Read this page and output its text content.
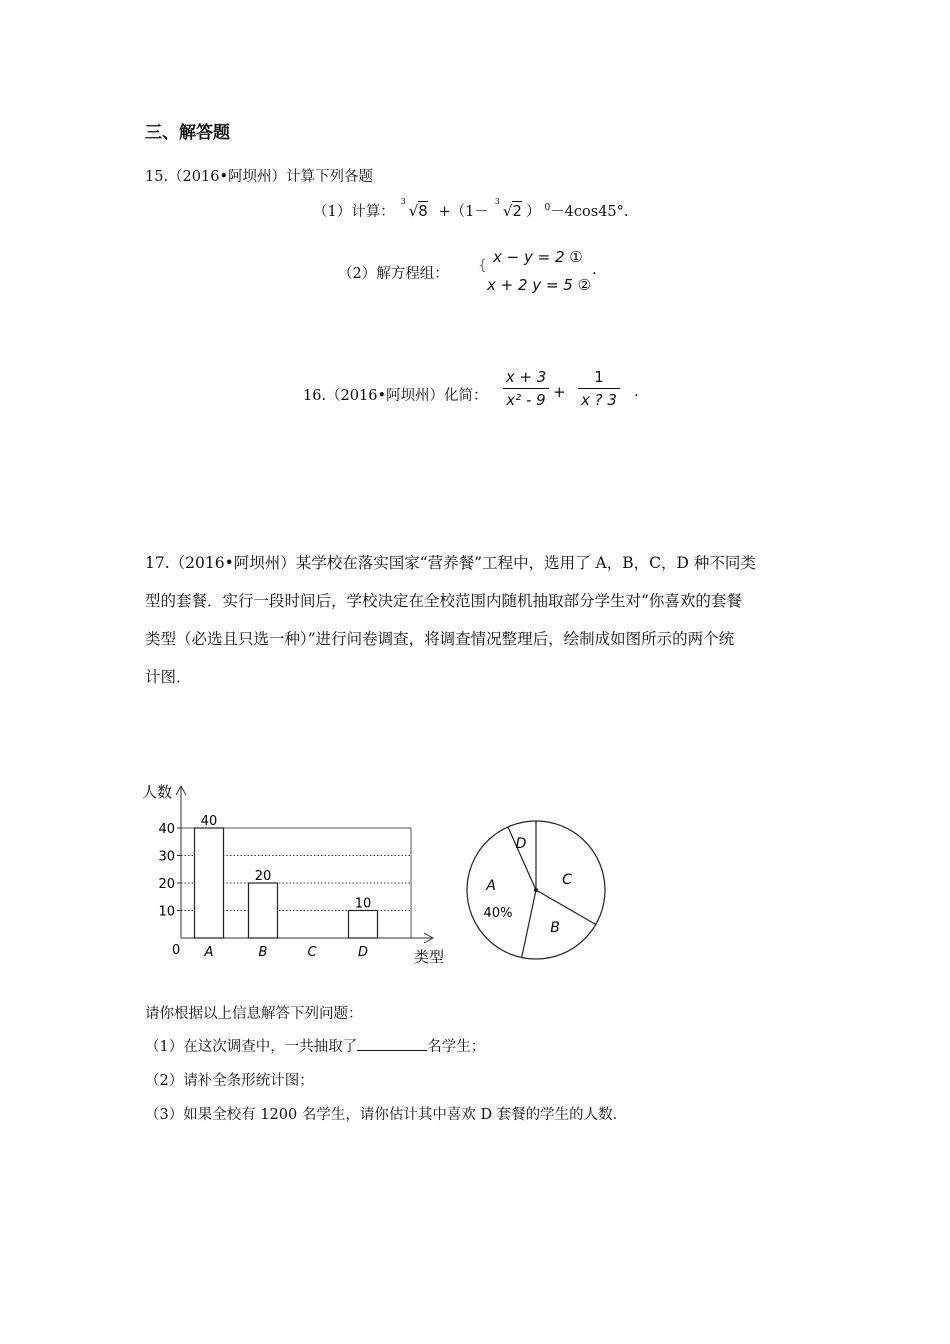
三、解答题
15.（2016•阿坝州）计算下列各题
（1）计算：
3
√8 +（1－
3
√2 ） $^0$－4cos45°.
（2）解方程组： { x − y = 2 ①
x + 2 y = 5 ②
.
16.（2016•阿坝州）化简： $\frac{x + 3}{\text{x² - 9}} + \frac{1}{x ? 3}$ .
17.（2016•阿坝州）某学校在落实国家“营养餐”工程中，选用了 A，B，C，D 种不同类
型的套餐．实行一段时间后，学校决定在全校范围内随机抽取部分学生对“你喜欢的套餐
类型（必选且只选一种）”进行问卷调查，将调查情况整理后，绘制成如图所示的两个统
计图．
10
20
30
40
人数
类型
0
40
A
20
B	C
10
D
A
40%
B
C
D
请你根据以上信息解答下列问题：
（1）在这次调查中，一共抽取了	名学生；
（2）请补全条形统计图；
（3）如果全校有 1200 名学生，请你估计其中喜欢 D 套餐的学生的人数．
